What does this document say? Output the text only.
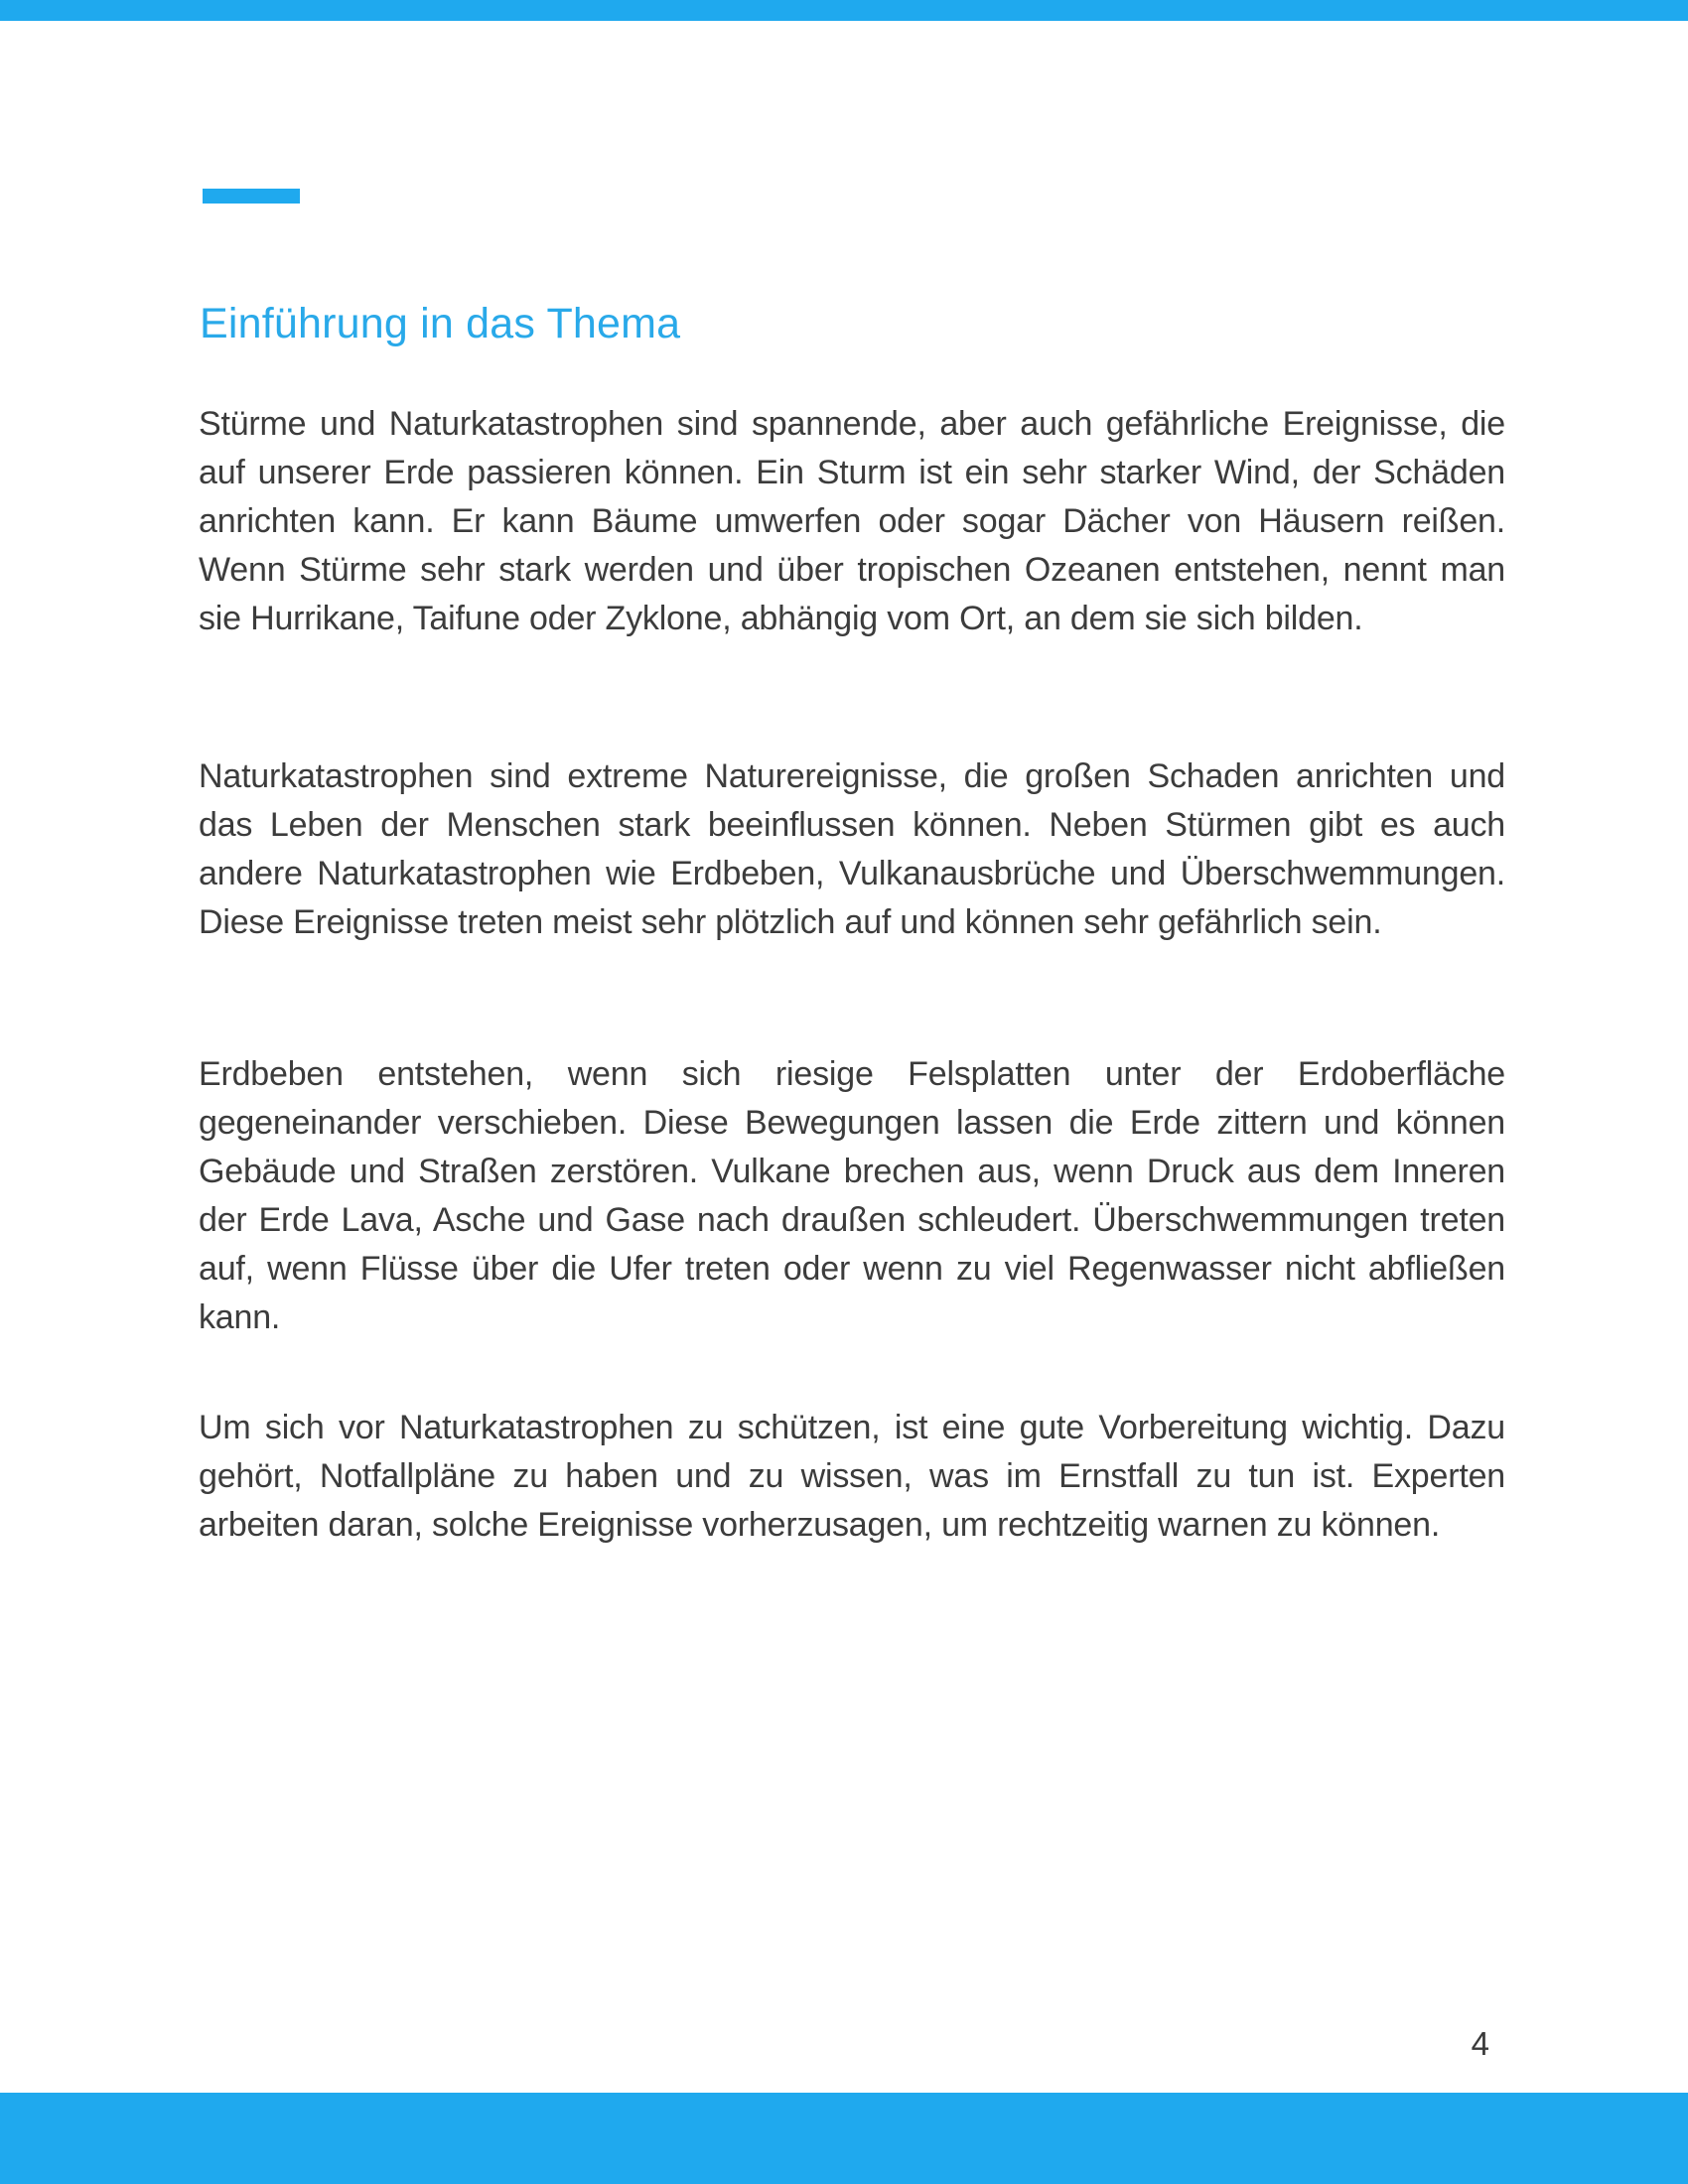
Einführung in das Thema

Stürme und Naturkatastrophen sind spannende, aber auch gefährliche Ereignisse, die auf unserer Erde passieren können. Ein Sturm ist ein sehr starker Wind, der Schäden anrichten kann. Er kann Bäume umwerfen oder sogar Dächer von Häusern reißen. Wenn Stürme sehr stark werden und über tropischen Ozeanen entstehen, nennt man sie Hurrikane, Taifune oder Zyklone, abhängig vom Ort, an dem sie sich bilden.

Naturkatastrophen sind extreme Naturereignisse, die großen Schaden anrichten und das Leben der Menschen stark beeinflussen können. Neben Stürmen gibt es auch andere Naturkatastrophen wie Erdbeben, Vulkanausbrüche und Überschwemmungen. Diese Ereignisse treten meist sehr plötzlich auf und können sehr gefährlich sein.

Erdbeben entstehen, wenn sich riesige Felsplatten unter der Erdoberfläche gegeneinander verschieben. Diese Bewegungen lassen die Erde zittern und können Gebäude und Straßen zerstören. Vulkane brechen aus, wenn Druck aus dem Inneren der Erde Lava, Asche und Gase nach draußen schleudert. Überschwemmungen treten auf, wenn Flüsse über die Ufer treten oder wenn zu viel Regenwasser nicht abfließen kann.

Um sich vor Naturkatastrophen zu schützen, ist eine gute Vorbereitung wichtig. Dazu gehört, Notfallpläne zu haben und zu wissen, was im Ernstfall zu tun ist. Experten arbeiten daran, solche Ereignisse vorherzusagen, um rechtzeitig warnen zu können.

4
